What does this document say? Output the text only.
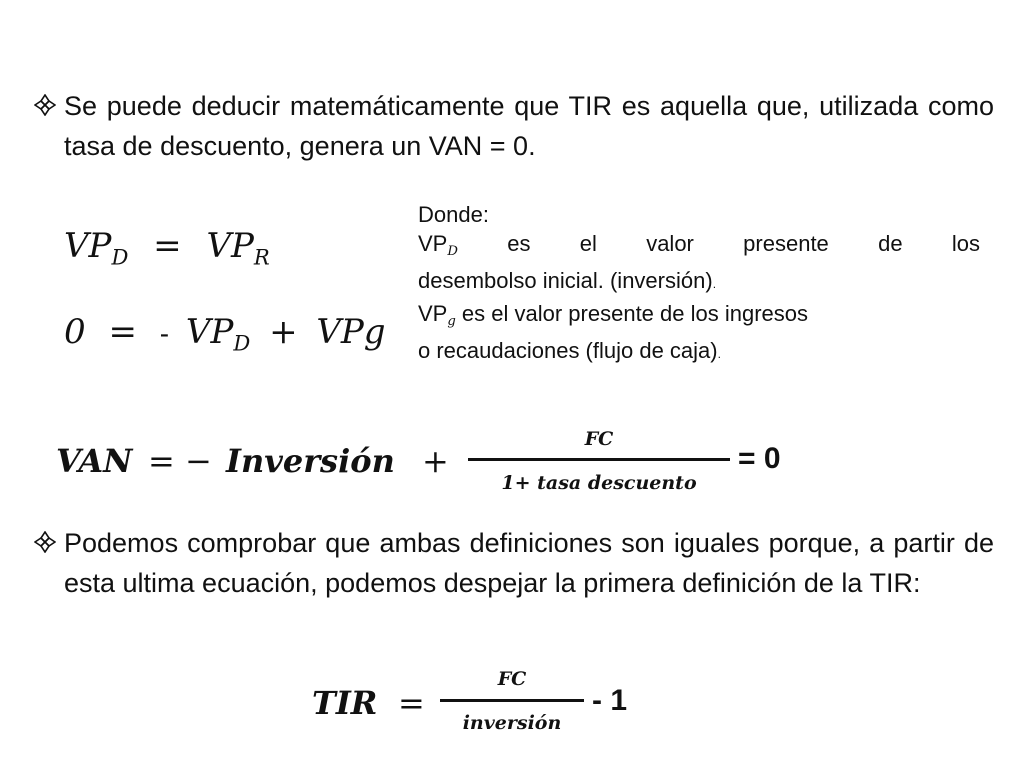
Se puede deducir matemáticamente que TIR es aquella que, utilizada como tasa de descuento, genera un VAN = 0.
$VP_D = VP_R$
0 = - $VP_D$ + VPg
Donde:
$VP_D$ es el valor presente de los
desembolso inicial. (inversión).
$VP_g$ es el valor presente de los ingresos
o recaudaciones (flujo de caja).
VAN = − Inversión +
FC
1+ tasa descuento
= 0
Podemos comprobar que ambas definiciones son iguales porque, a partir de esta ultima ecuación, podemos despejar la primera definición de la TIR:
TIR =
FC
inversión
- 1
